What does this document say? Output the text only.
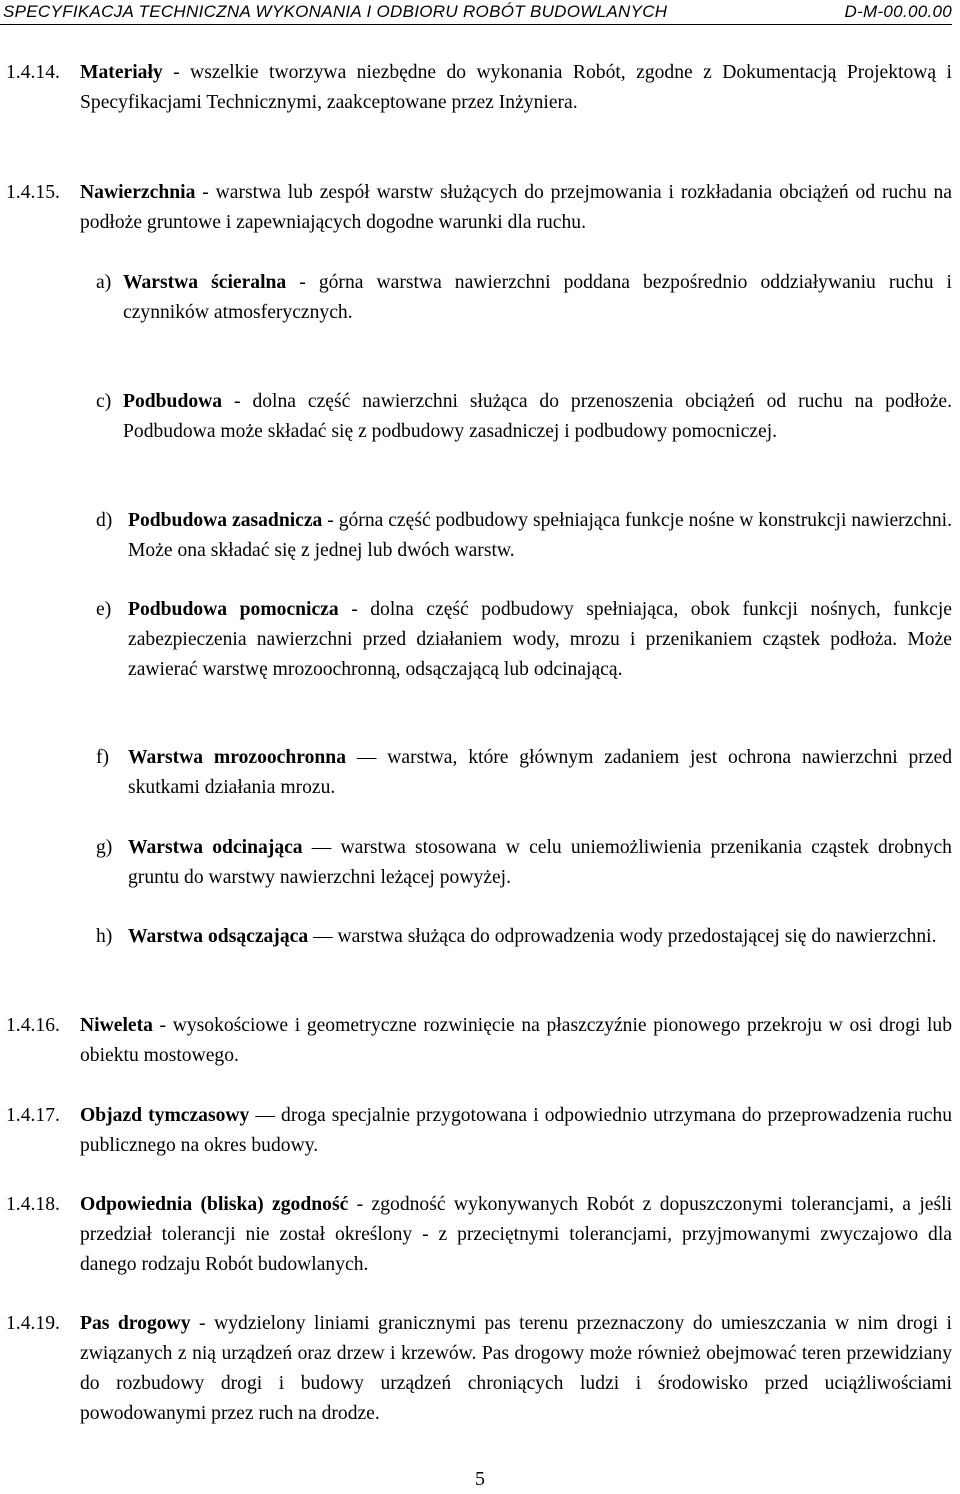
SPECYFIKACJA TECHNICZNA WYKONANIA I ODBIORU ROBÓT BUDOWLANYCH	D-M-00.00.00
1.4.14.	Materiały - wszelkie tworzywa niezbędne do wykonania Robót, zgodne z Dokumentacją Projektową i Specyfikacjami Technicznymi, zaakceptowane przez Inżyniera.
1.4.15.	Nawierzchnia - warstwa lub zespół warstw służących do przejmowania i rozkładania obciążeń od ruchu na podłoże gruntowe i zapewniających dogodne warunki dla ruchu.
a) Warstwa ścieralna - górna warstwa nawierzchni poddana bezpośrednio oddziaływaniu ruchu i czynników atmosferycznych.
c) Podbudowa - dolna część nawierzchni służąca do przenoszenia obciążeń od ruchu na podłoże. Podbudowa może składać się z podbudowy zasadniczej i podbudowy pomocniczej.
d) Podbudowa zasadnicza - górna część podbudowy spełniająca funkcje nośne w konstrukcji nawierzchni. Może ona składać się z jednej lub dwóch warstw.
e) Podbudowa pomocnicza - dolna część podbudowy spełniająca, obok funkcji nośnych, funkcje zabezpieczenia nawierzchni przed działaniem wody, mrozu i przenikaniem cząstek podłoża. Może zawierać warstwę mrozoochronną, odsączającą lub odcinającą.
f) Warstwa mrozoochronna — warstwa, które głównym zadaniem jest ochrona nawierzchni przed skutkami działania mrozu.
g) Warstwa odcinająca — warstwa stosowana w celu uniemożliwienia przenikania cząstek drobnych gruntu do warstwy nawierzchni leżącej powyżej.
h) Warstwa odsączająca — warstwa służąca do odprowadzenia wody przedostającej się do nawierzchni.
1.4.16.	Niweleta - wysokościowe i geometryczne rozwinięcie na płaszczyźnie pionowego przekroju w osi drogi lub obiektu mostowego.
1.4.17.	Objazd tymczasowy — droga specjalnie przygotowana i odpowiednio utrzymana do przeprowadzenia ruchu publicznego na okres budowy.
1.4.18.	Odpowiednia (bliska) zgodność - zgodność wykonywanych Robót z dopuszczonymi tolerancjami, a jeśli przedział tolerancji nie został określony - z przeciętnymi tolerancjami, przyjmowanymi zwyczajowo dla danego rodzaju Robót budowlanych.
1.4.19.	Pas drogowy - wydzielony liniami granicznymi pas terenu przeznaczony do umieszczania w nim drogi i związanych z nią urządzeń oraz drzew i krzewów. Pas drogowy może również obejmować teren przewidziany do rozbudowy drogi i budowy urządzeń chroniących ludzi i środowisko przed uciążliwościami powodowanymi przez ruch na drodze.
5
